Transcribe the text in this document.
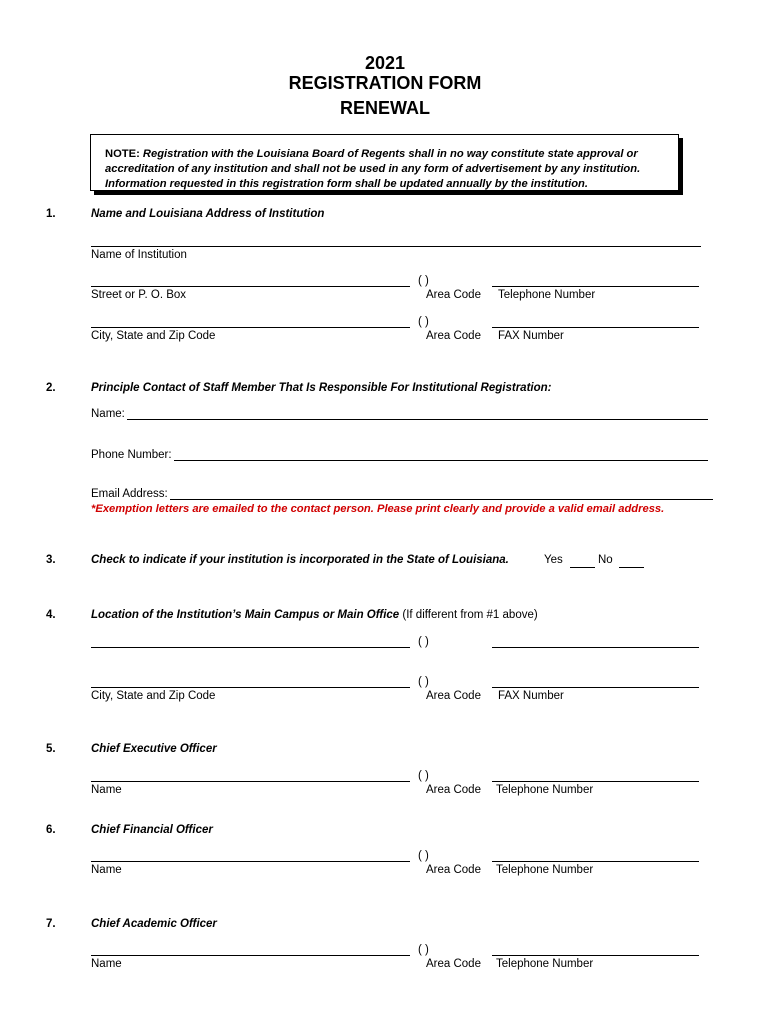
2021
REGISTRATION FORM
RENEWAL
NOTE: Registration with the Louisiana Board of Regents shall in no way constitute state approval or accreditation of any institution and shall not be used in any form of advertisement by any institution. Information requested in this registration form shall be updated annually by the institution.
1.	Name and Louisiana Address of Institution
Name of Institution
( )
Street or P. O. Box	Area Code Telephone Number
( )
City, State and Zip Code	Area Code FAX Number
2.	Principle Contact of Staff Member That Is Responsible For Institutional Registration:
Name:
Phone Number:
Email Address:
*Exemption letters are emailed to the contact person. Please print clearly and provide a valid email address.
3.	Check to indicate if your institution is incorporated in the State of Louisiana.	Yes	No
4.	Location of the Institution’s Main Campus or Main Office (If different from #1 above)
( )
( )
City, State and Zip Code	Area Code FAX Number
5.	Chief Executive Officer
( )
Name	Area Code Telephone Number
6.	Chief Financial Officer
( )
Name	Area Code Telephone Number
7.	Chief Academic Officer
( )
Name	Area Code Telephone Number
